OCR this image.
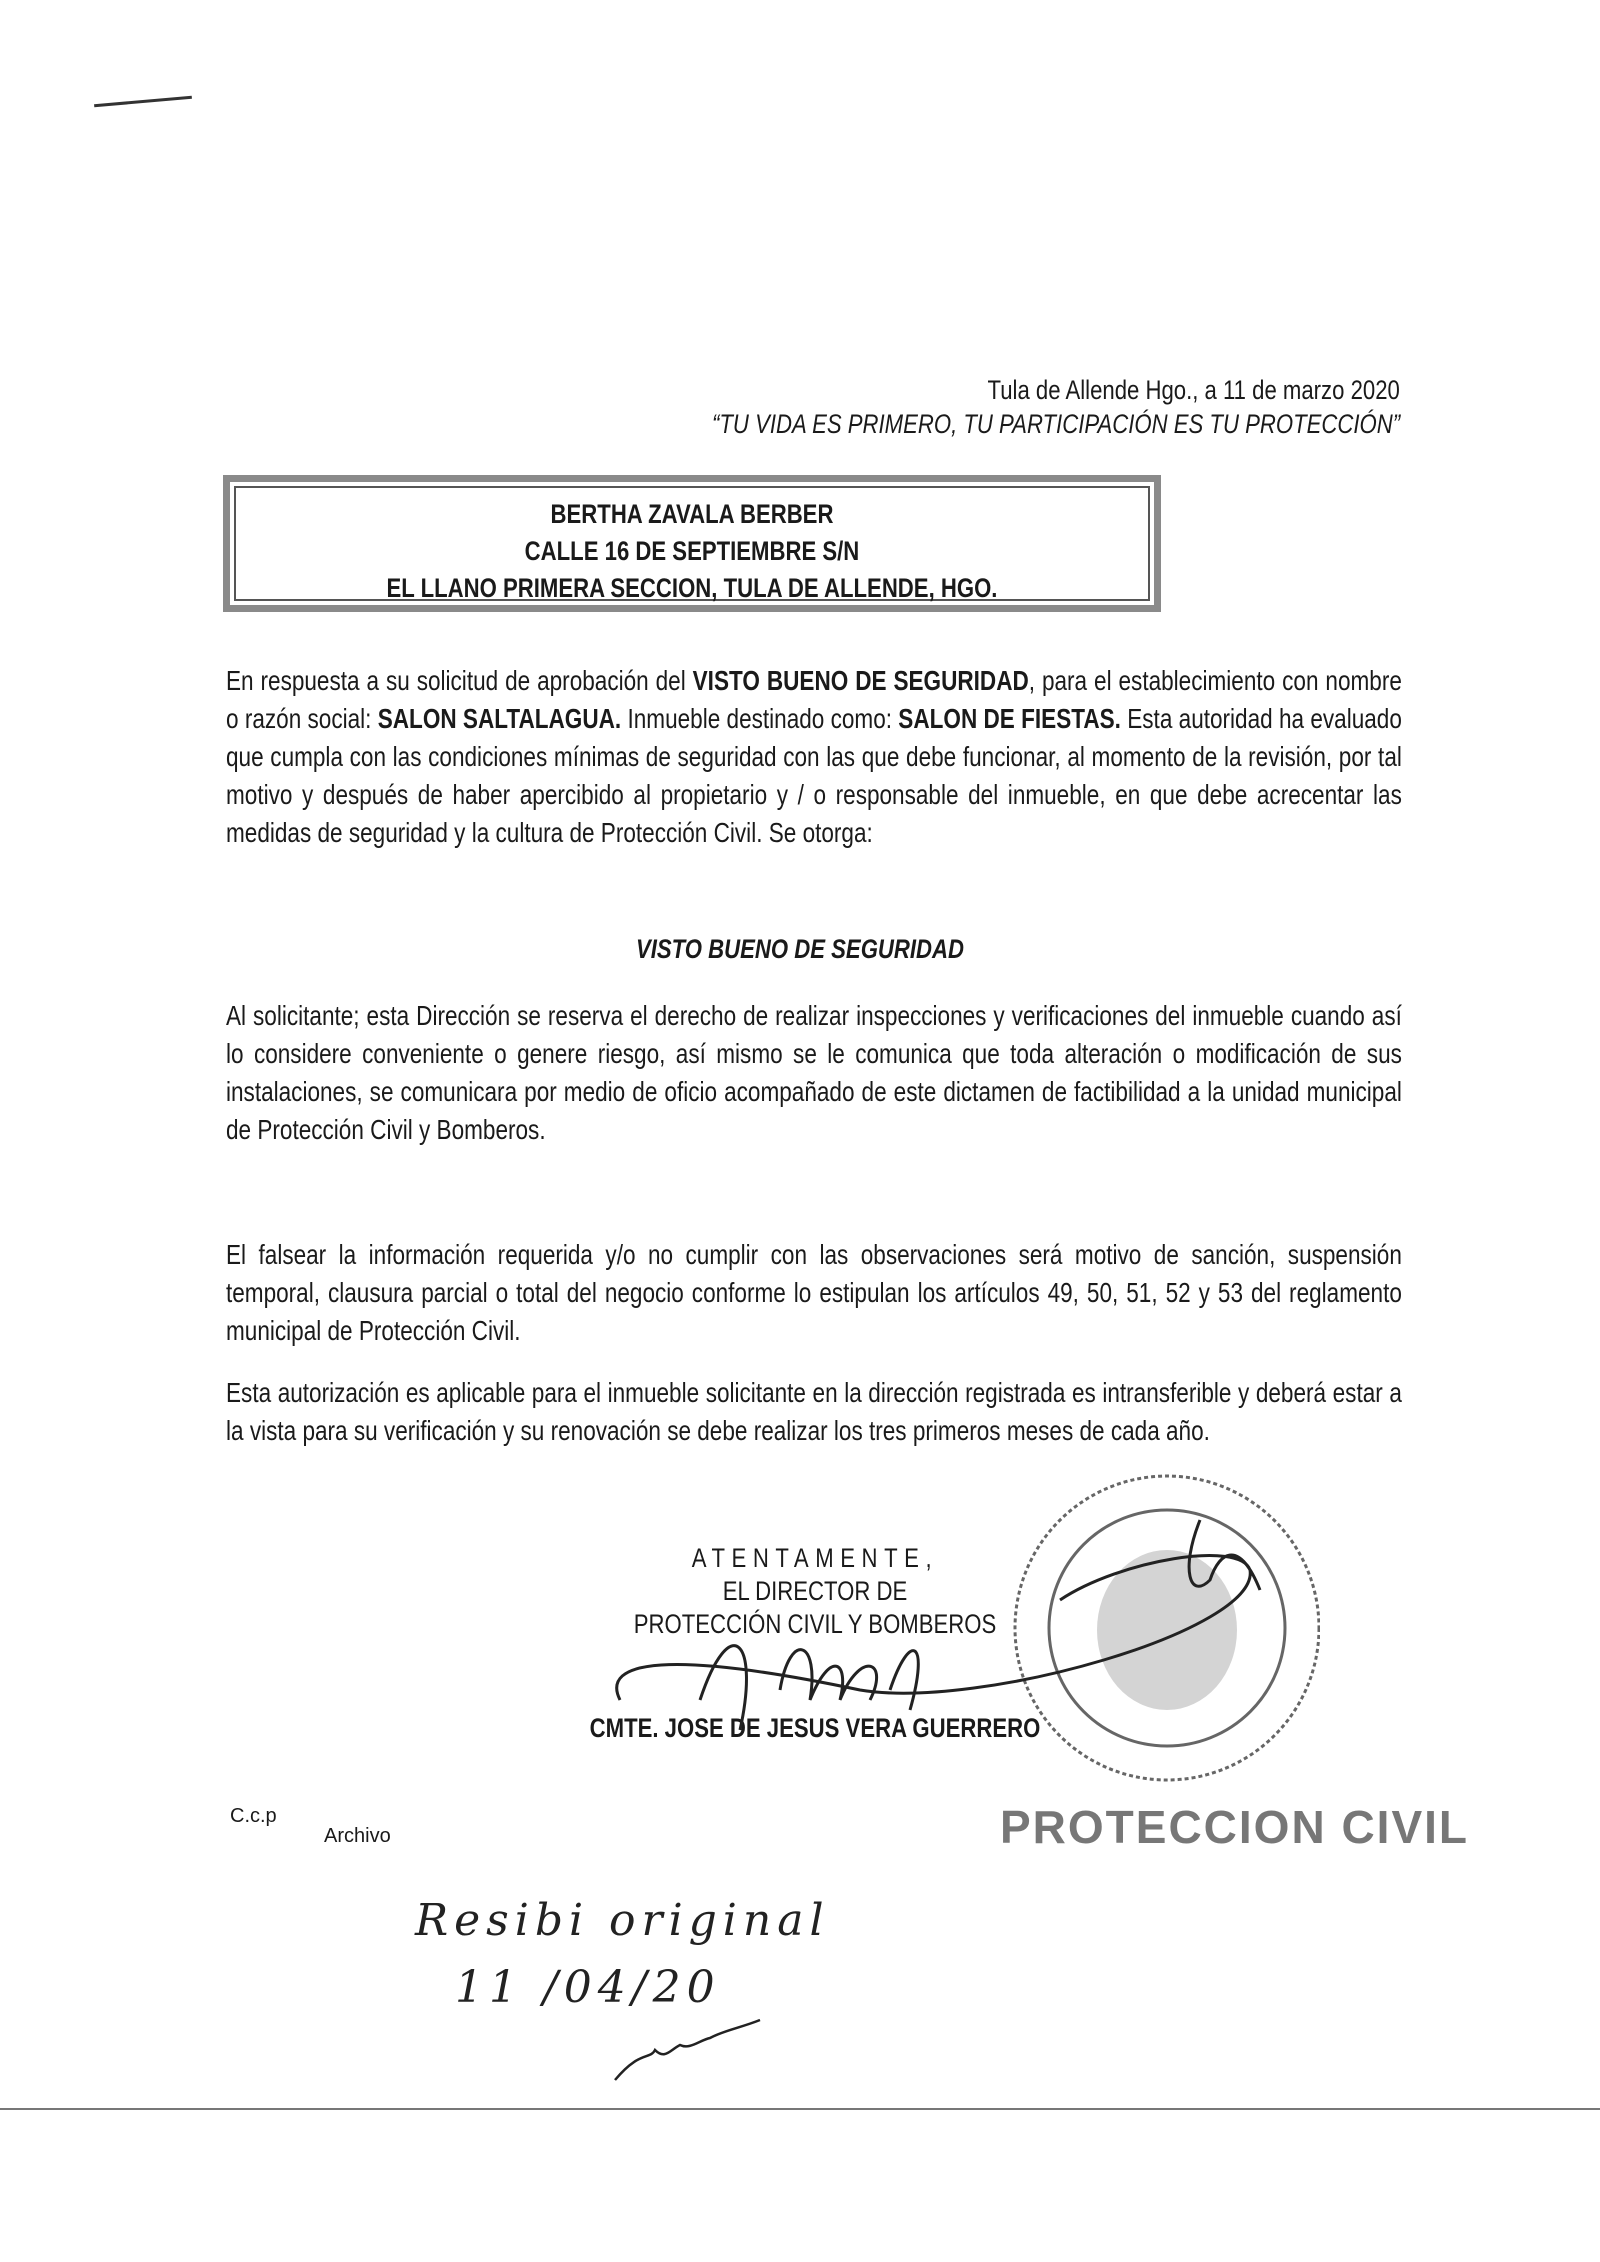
Tula de Allende Hgo., a 11 de marzo 2020
“TU VIDA ES PRIMERO, TU PARTICIPACIÓN ES TU PROTECCIÓN”
BERTHA ZAVALA BERBER
CALLE 16 DE SEPTIEMBRE S/N
EL LLANO PRIMERA SECCION, TULA DE ALLENDE, HGO.
En respuesta a su solicitud de aprobación del VISTO BUENO DE SEGURIDAD, para el establecimiento con nombre o razón social: SALON SALTALAGUA. Inmueble destinado como: SALON DE FIESTAS. Esta autoridad ha evaluado que cumpla con las condiciones mínimas de seguridad con las que debe funcionar, al momento de la revisión, por tal motivo y después de haber apercibido al propietario y / o responsable del inmueble, en que debe acrecentar las medidas de seguridad y la cultura de Protección Civil. Se otorga:
VISTO BUENO DE SEGURIDAD
Al solicitante; esta Dirección se reserva el derecho de realizar inspecciones y verificaciones del inmueble cuando así lo considere conveniente o genere riesgo, así mismo se le comunica que toda alteración o modificación de sus instalaciones, se comunicara por medio de oficio acompañado de este dictamen de factibilidad a la unidad municipal de Protección Civil y Bomberos.
El falsear la información requerida y/o no cumplir con las observaciones será motivo de sanción, suspensión temporal, clausura parcial o total del negocio conforme lo estipulan los artículos 49, 50, 51, 52 y 53 del reglamento municipal de Protección Civil.
Esta autorización es aplicable para el inmueble solicitante en la dirección registrada es intransferible y deberá estar a la vista para su verificación y su renovación se debe realizar los tres primeros meses de cada año.
ATENTAMENTE,
EL DIRECTOR DE
PROTECCIÓN CIVIL Y BOMBEROS
CMTE. JOSE DE JESUS VERA GUERRERO
PROTECCION CIVIL
C.c.p
Archivo
Resibi original
11 /04/20
